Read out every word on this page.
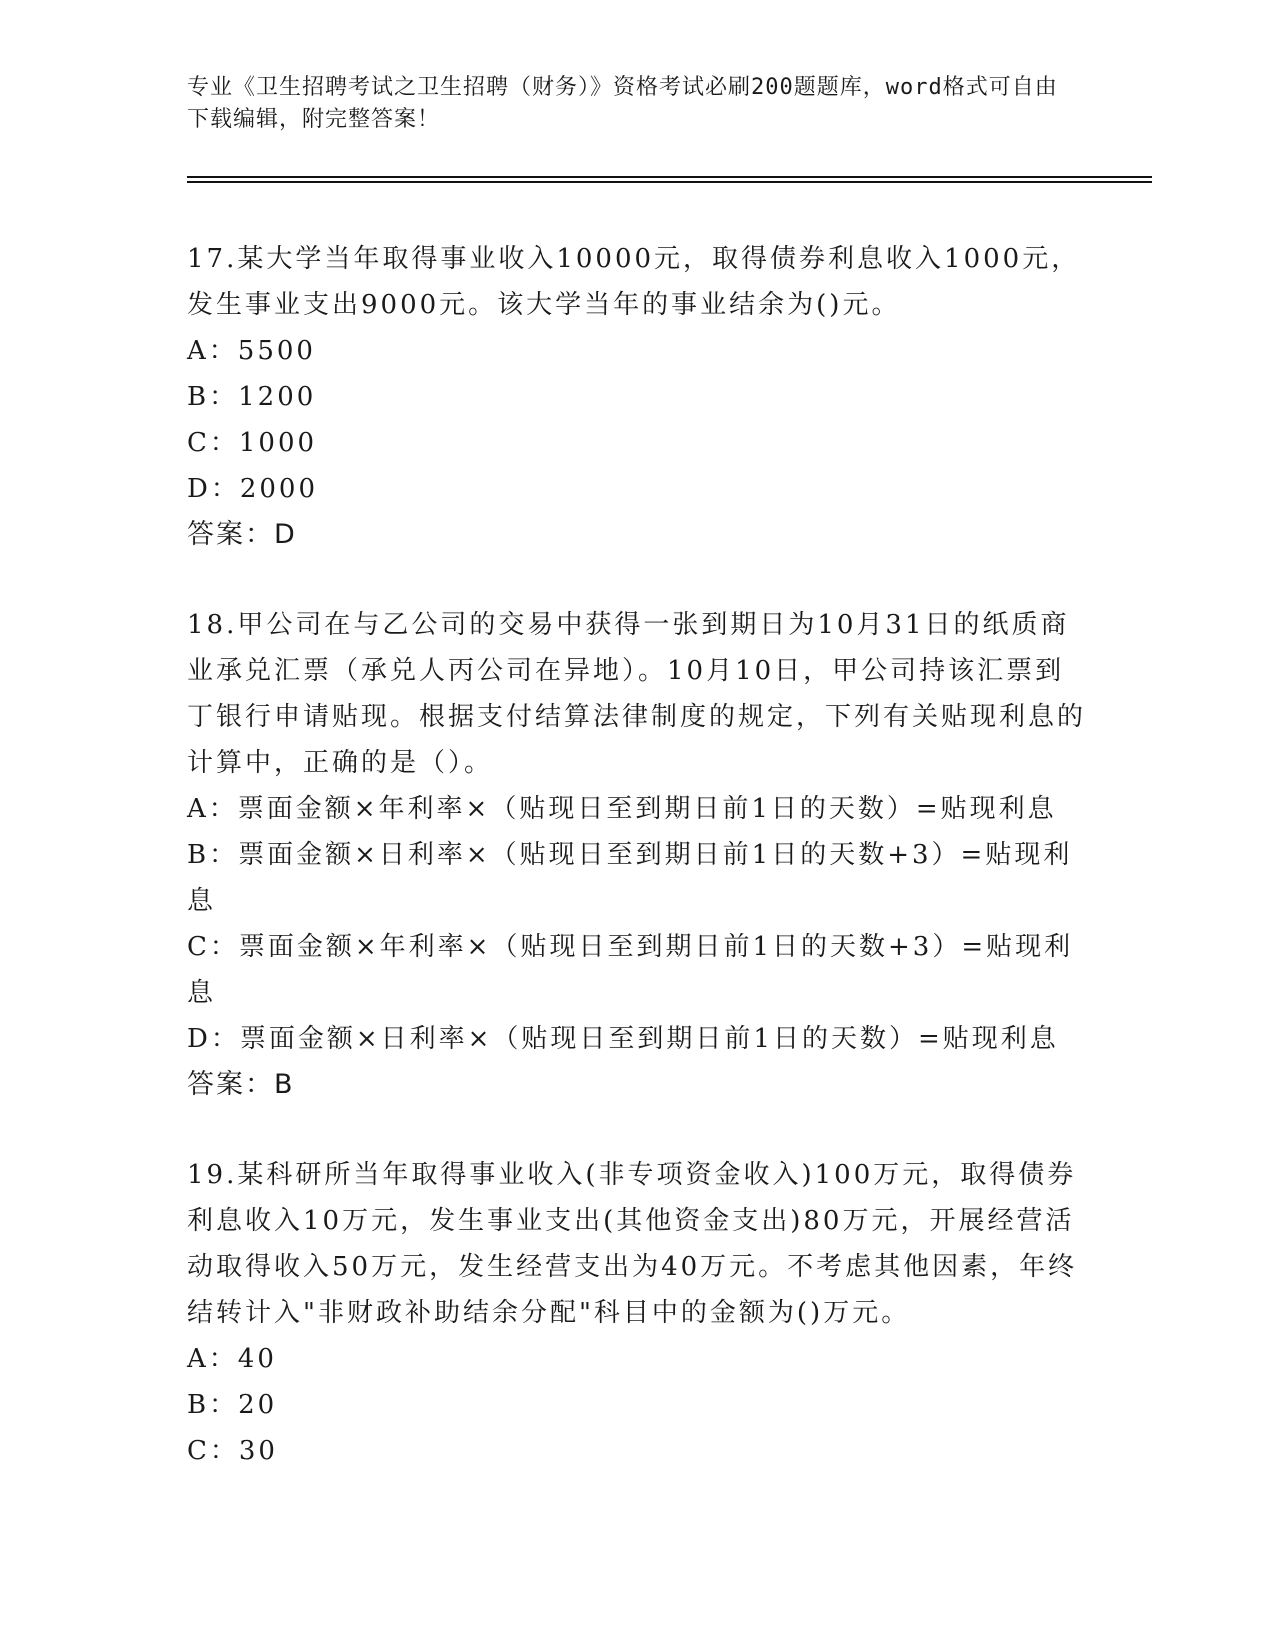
专业《卫生招聘考试之卫生招聘（财务）》资格考试必刷200题题库，word格式可自由下载编辑，附完整答案！

17.某大学当年取得事业收入10000元，取得债券利息收入1000元，发生事业支出9000元。该大学当年的事业结余为()元。

A：5500

B：1200

C：1000

D：2000

答案：D

18.甲公司在与乙公司的交易中获得一张到期日为10月31日的纸质商业承兑汇票（承兑人丙公司在异地）。10月10日，甲公司持该汇票到丁银行申请贴现。根据支付结算法律制度的规定，下列有关贴现利息的计算中，正确的是（）。

A：票面金额×年利率×（贴现日至到期日前1日的天数）=贴现利息

B：票面金额×日利率×（贴现日至到期日前1日的天数+3）=贴现利息

C：票面金额×年利率×（贴现日至到期日前1日的天数+3）=贴现利息

D：票面金额×日利率×（贴现日至到期日前1日的天数）=贴现利息

答案：B

19.某科研所当年取得事业收入(非专项资金收入)100万元，取得债券利息收入10万元，发生事业支出(其他资金支出)80万元，开展经营活动取得收入50万元，发生经营支出为40万元。不考虑其他因素，年终结转计入"非财政补助结余分配"科目中的金额为()万元。

A：40

B：20

C：30
